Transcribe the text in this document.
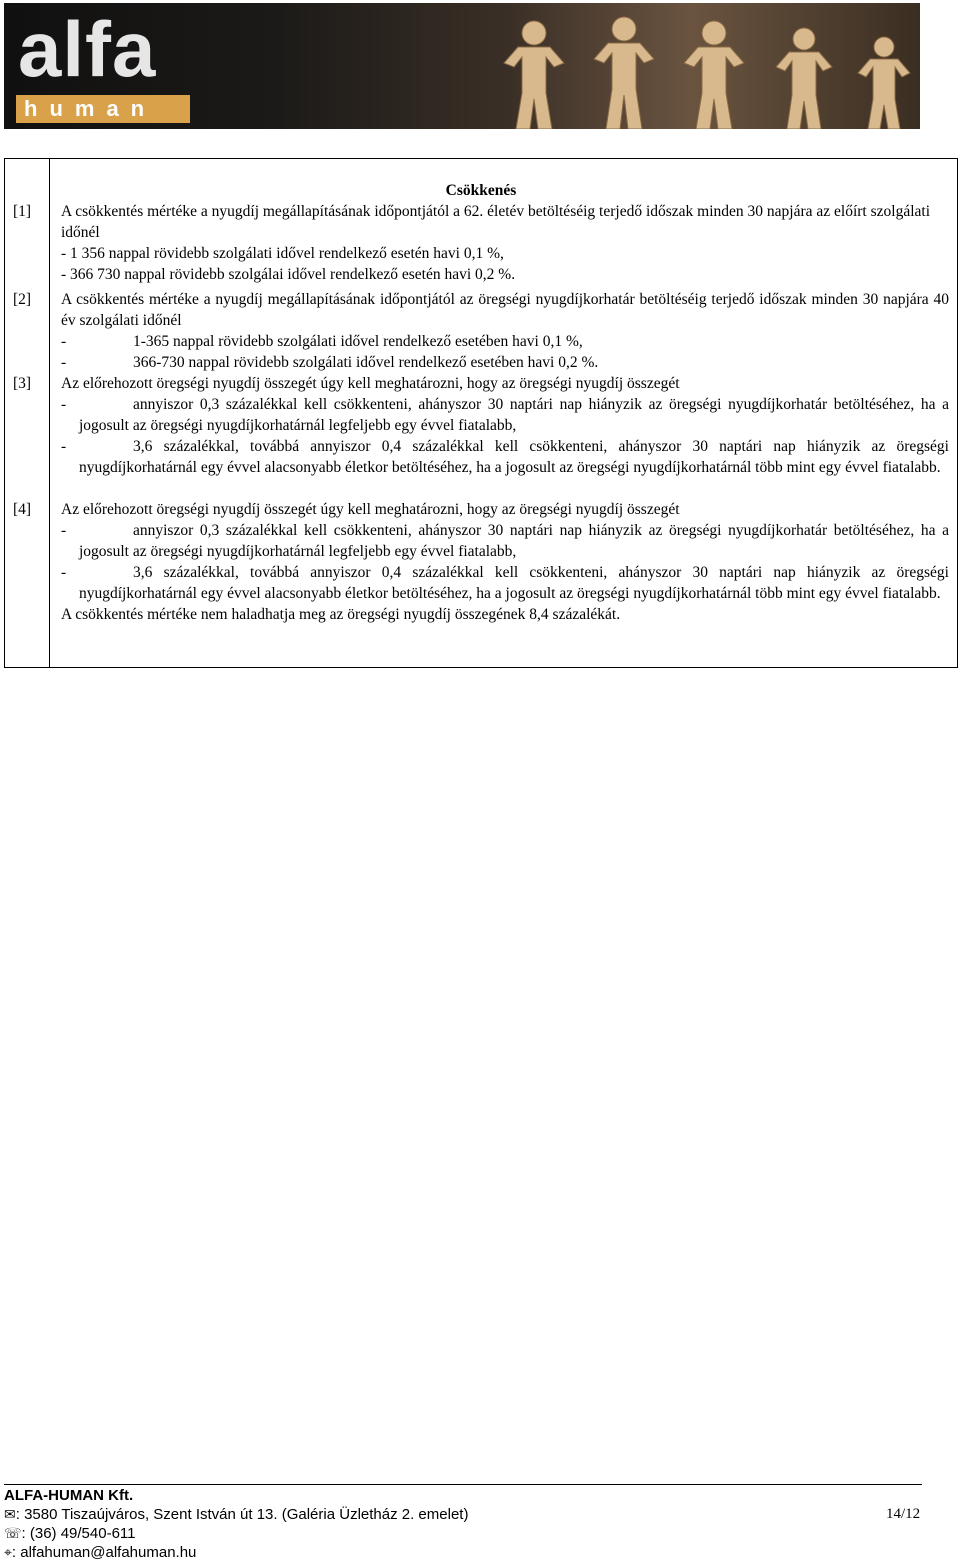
alfa
human
Csökkenés
[1] A csökkentés mértéke a nyugdíj megállapításának időpontjától a 62. életév betöltéséig terjedő időszak minden 30 napjára az előírt szolgálati időnél
- 1 356 nappal rövidebb szolgálati idővel rendelkező esetén havi 0,1 %,
- 366 730 nappal rövidebb szolgálai idővel rendelkező esetén havi 0,2 %.
[2] A csökkentés mértéke a nyugdíj megállapításának időpontjától az öregségi nyugdíjkorhatár betöltéséig terjedő időszak minden 30 napjára 40 év szolgálati időnél
-	1-365 nappal rövidebb szolgálati idővel rendelkező esetében havi 0,1 %,
-	366-730 nappal rövidebb szolgálati idővel rendelkező esetében havi 0,2 %.
[3] Az előrehozott öregségi nyugdíj összegét úgy kell meghatározni, hogy az öregségi nyugdíj összegét
-	annyiszor 0,3 százalékkal kell csökkenteni, ahányszor 30 naptári nap hiányzik az öregségi nyugdíjkorhatár betöltéséhez, ha a jogosult az öregségi nyugdíjkorhatárnál legfeljebb egy évvel fiatalabb,
-	3,6 százalékkal, továbbá annyiszor 0,4 százalékkal kell csökkenteni, ahányszor 30 naptári nap hiányzik az öregségi nyugdíjkorhatárnál egy évvel alacsonyabb életkor betöltéséhez, ha a jogosult az öregségi nyugdíjkorhatárnál több mint egy évvel fiatalabb.
[4] Az előrehozott öregségi nyugdíj összegét úgy kell meghatározni, hogy az öregségi nyugdíj összegét
-	annyiszor 0,3 százalékkal kell csökkenteni, ahányszor 30 naptári nap hiányzik az öregségi nyugdíjkorhatár betöltéséhez, ha a jogosult az öregségi nyugdíjkorhatárnál legfeljebb egy évvel fiatalabb,
-	3,6 százalékkal, továbbá annyiszor 0,4 százalékkal kell csökkenteni, ahányszor 30 naptári nap hiányzik az öregségi nyugdíjkorhatárnál egy évvel alacsonyabb életkor betöltéséhez, ha a jogosult az öregségi nyugdíjkorhatárnál több mint egy évvel fiatalabb.
A csökkentés mértéke nem haladhatja meg az öregségi nyugdíj összegének 8,4 százalékát.
ALFA-HUMAN Kft.
✉: 3580 Tiszaújváros, Szent István út 13. (Galéria Üzletház 2. emelet)
☏: (36) 49/540-611
⌖: alfahuman@alfahuman.hu
14/12
